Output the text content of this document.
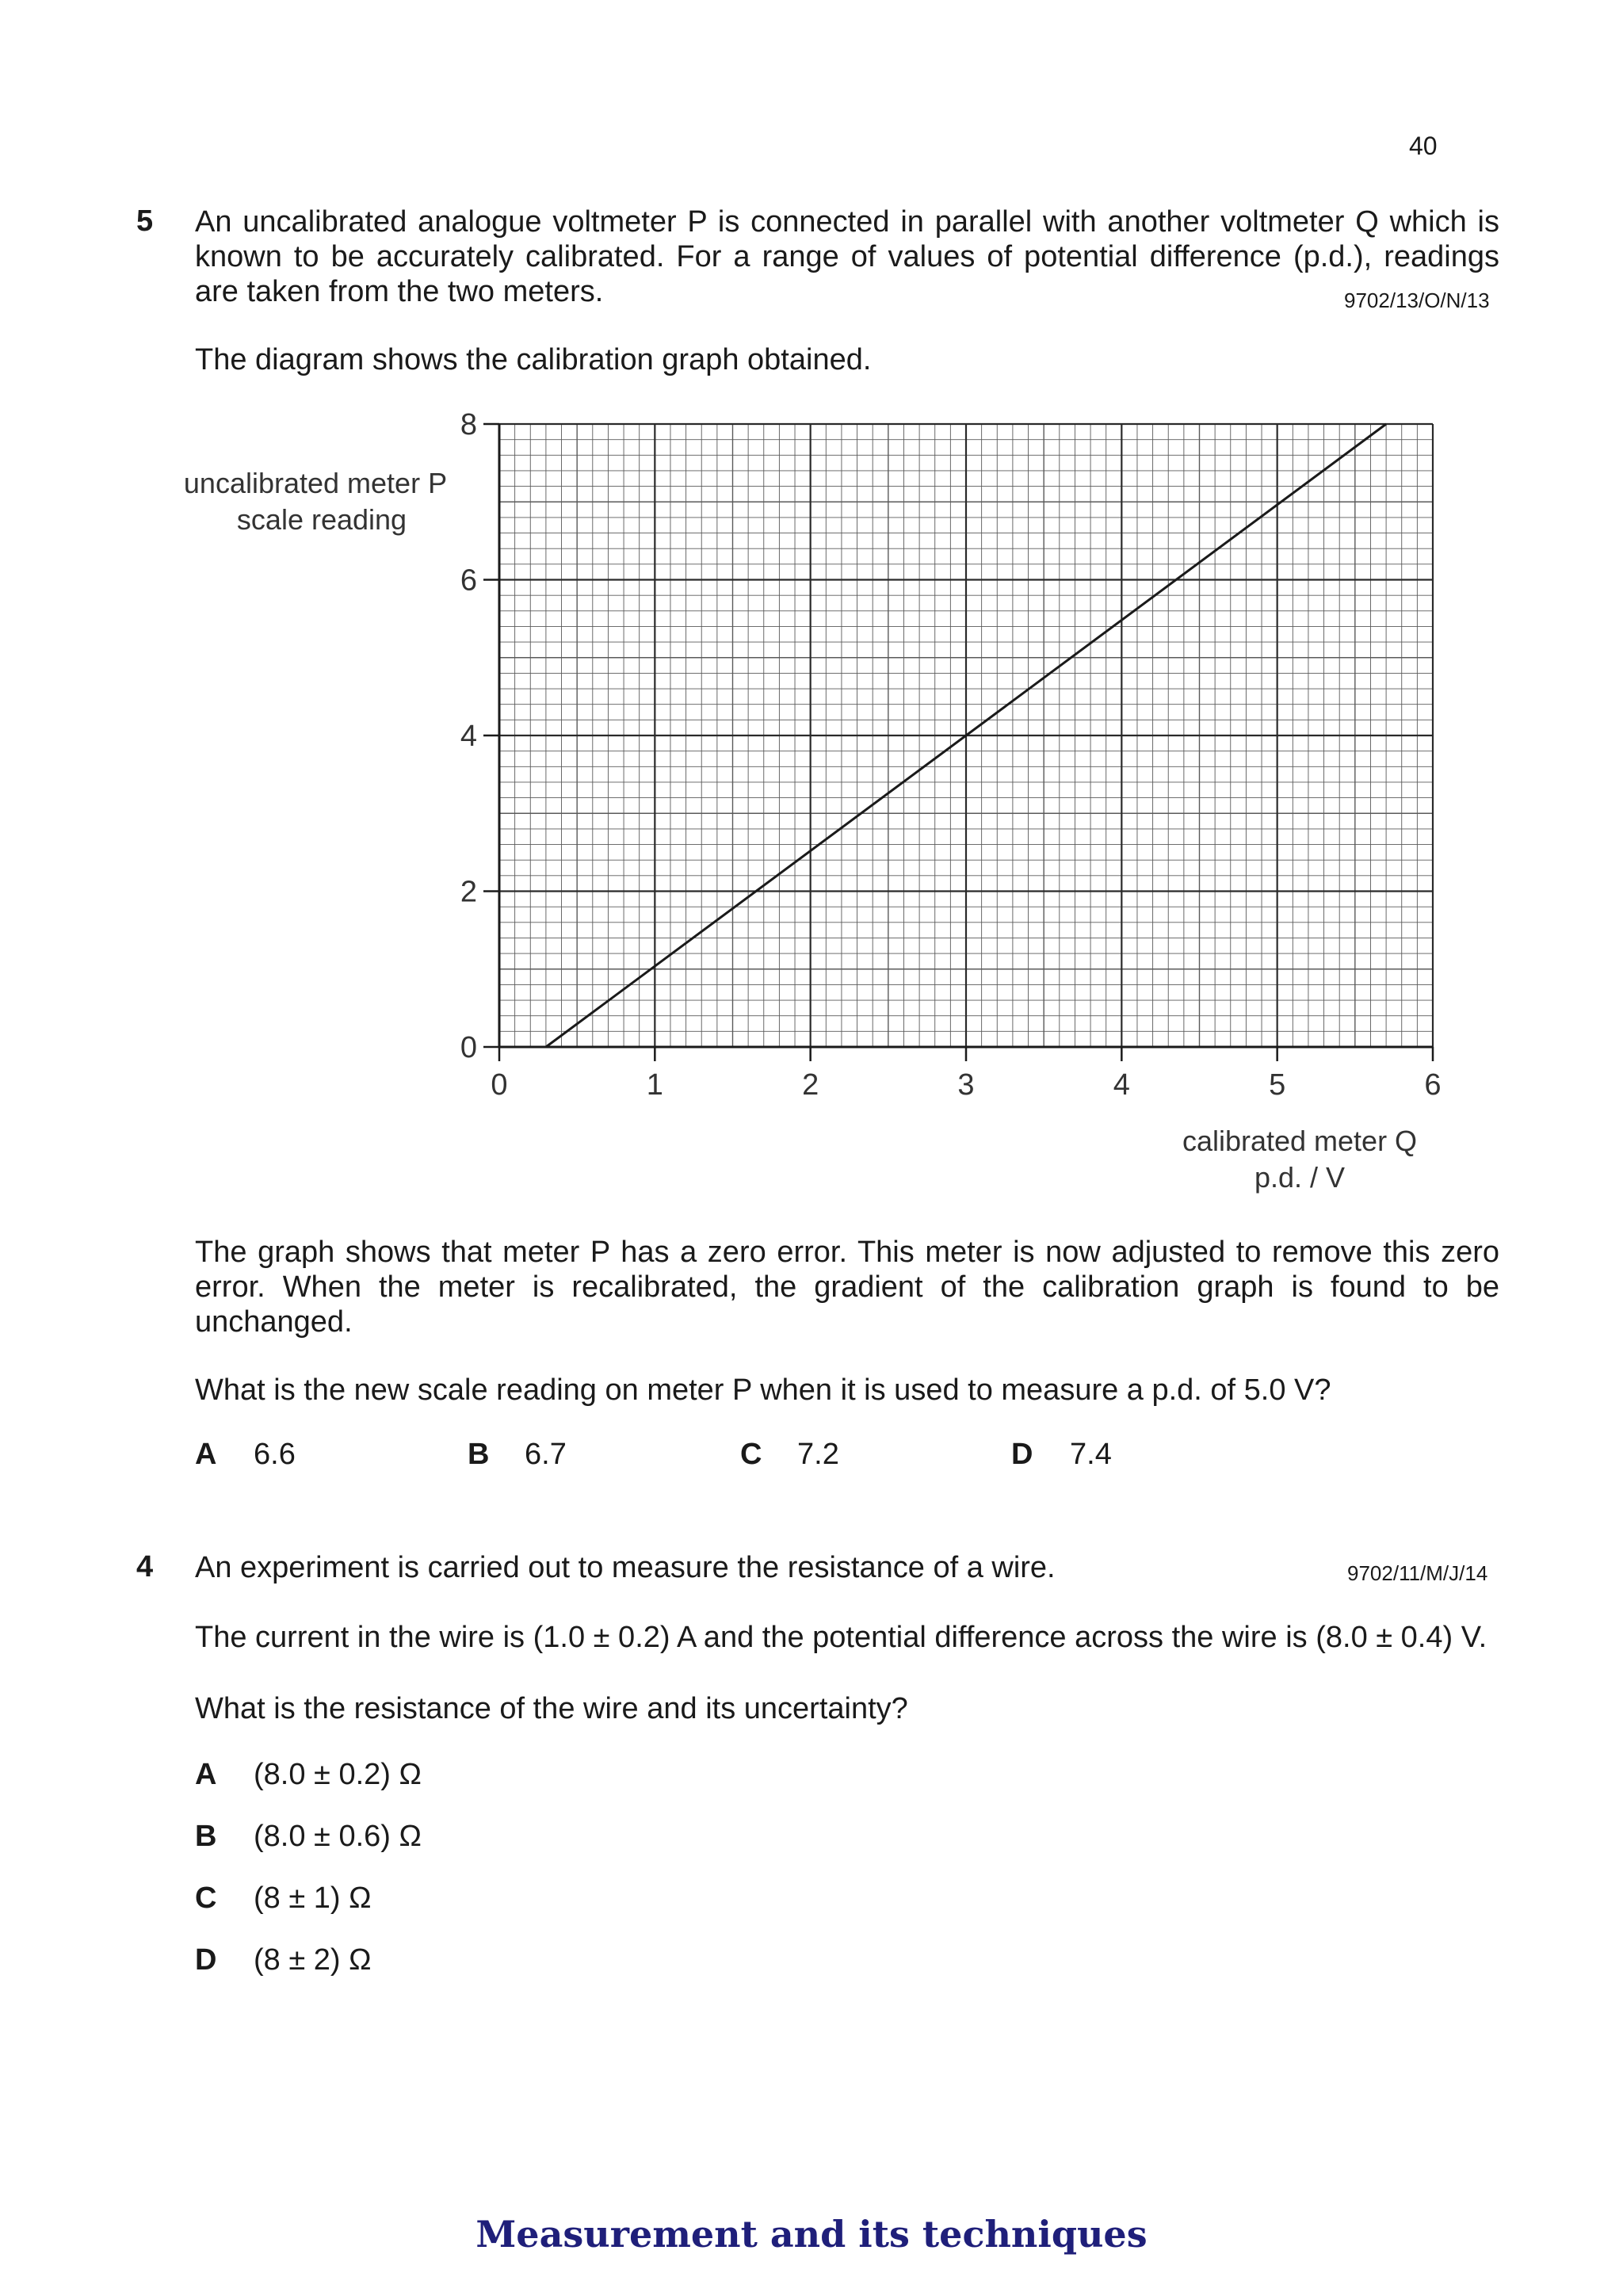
40
5 An uncalibrated analogue voltmeter P is connected in parallel with another voltmeter Q which is known to be accurately calibrated. For a range of values of potential difference (p.d.), readings are taken from the two meters.	9702/13/O/N/13
The diagram shows the calibration graph obtained.
0	1	2	3	4	5	6
0
2
4
6
8
uncalibrated meter P
scale reading
calibrated meter Q
p.d. / V
The graph shows that meter P has a zero error. This meter is now adjusted to remove this zero error. When the meter is recalibrated, the gradient of the calibration graph is found to be unchanged.
What is the new scale reading on meter P when it is used to measure a p.d. of 5.0 V?
A 6.6	B 6.7	C 7.2	D 7.4
4 An experiment is carried out to measure the resistance of a wire.	9702/11/M/J/14
The current in the wire is (1.0 ± 0.2) A and the potential difference across the wire is (8.0 ± 0.4) V.
What is the resistance of the wire and its uncertainty?
A (8.0 ± 0.2) Ω
B (8.0 ± 0.6) Ω
C (8 ± 1) Ω
D (8 ± 2) Ω
Measurement and its techniques
